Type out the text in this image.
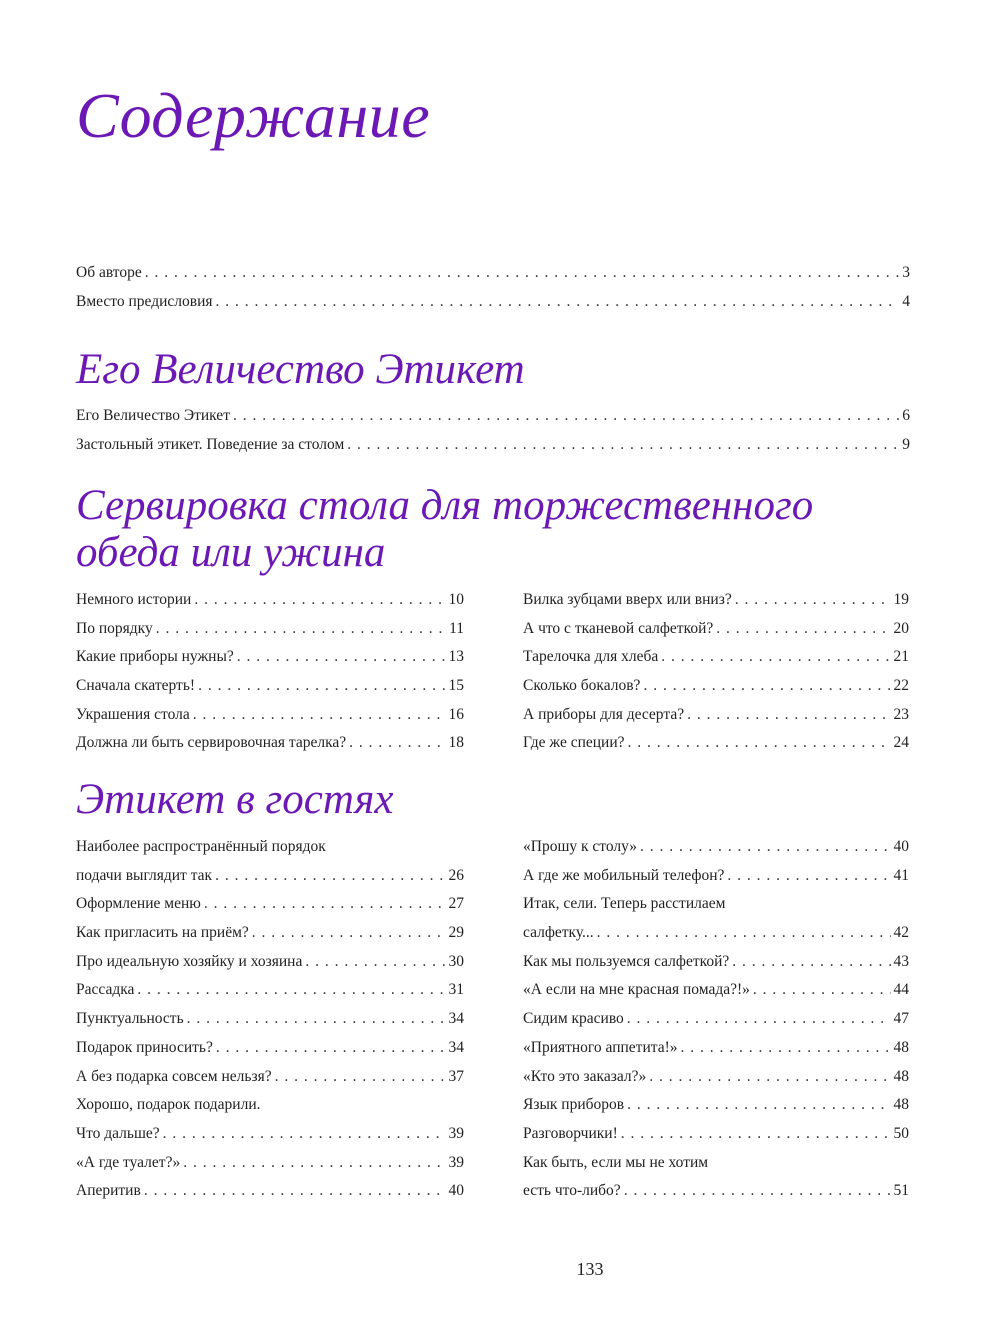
Содержание
Об авторе . . .	3
Вместо предисловия . . .	4
Его Величество Этикет
Его Величество Этикет . . .	6
Застольный этикет. Поведение за столом . . .	9
Сервировка стола для торжественного
обеда или ужина
Немного истории . . .	10
По порядку . . .	11
Какие приборы нужны? . . .	13
Сначала скатерть! . . .	15
Украшения стола . . .	16
Должна ли быть сервировочная тарелка? . . .	18
Вилка зубцами вверх или вниз? . . .	19
А что с тканевой салфеткой? . . .	20
Тарелочка для хлеба . . .	21
Сколько бокалов? . . .	22
А приборы для десерта? . . .	23
Где же специи? . . .	24
Этикет в гостях
Наиболее распространённый порядок
подачи выглядит так . . .	26
Оформление меню . . .	27
Как пригласить на приём? . . .	29
Про идеальную хозяйку и хозяина . . .	30
Рассадка . . .	31
Пунктуальность . . .	34
Подарок приносить? . . .	34
А без подарка совсем нельзя? . . .	37
Хорошо, подарок подарили.
Что дальше? . . .	39
«А где туалет?» . . .	39
Аперитив . . .	40
«Прошу к столу» . . .	40
А где же мобильный телефон? . . .	41
Итак, сели. Теперь расстилаем
салфетку... . . .	42
Как мы пользуемся салфеткой? . . .	43
«А если на мне красная помада?!» . . .	44
Сидим красиво . . .	47
«Приятного аппетита!» . . .	48
«Кто это заказал?» . . .	48
Язык приборов . . .	48
Разговорчики! . . .	50
Как быть, если мы не хотим
есть что-либо? . . .	51
133
